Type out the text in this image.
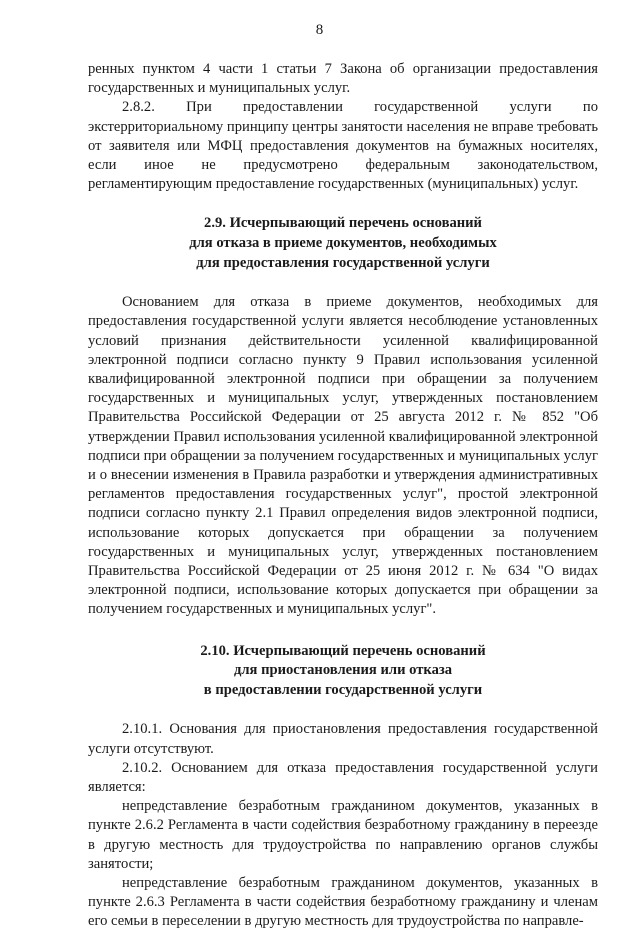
8

ренных пунктом 4 части 1 статьи 7 Закона об организации предоставления государственных и муниципальных услуг.

2.8.2. При предоставлении государственной услуги по экстерриториальному принципу центры занятости населения не вправе требовать от заявителя или МФЦ предоставления документов на бумажных носителях, если иное не предусмотрено федеральным законодательством, регламентирующим предоставление государственных (муниципальных) услуг.

2.9. Исчерпывающий перечень оснований
для отказа в приеме документов, необходимых
для предоставления государственной услуги

Основанием для отказа в приеме документов, необходимых для предоставления государственной услуги является несоблюдение установленных условий признания действительности усиленной квалифицированной электронной подписи согласно пункту 9 Правил использования усиленной квалифицированной электронной подписи при обращении за получением государственных и муниципальных услуг, утвержденных постановлением Правительства Российской Федерации от 25 августа 2012 г. № 852 "Об утверждении Правил использования усиленной квалифицированной электронной подписи при обращении за получением государственных и муниципальных услуг и о внесении изменения в Правила разработки и утверждения административных регламентов предоставления государственных услуг", простой электронной подписи согласно пункту 2.1 Правил определения видов электронной подписи, использование которых допускается при обращении за получением государственных и муниципальных услуг, утвержденных постановлением Правительства Российской Федерации от 25 июня 2012 г. № 634 "О видах электронной подписи, использование которых допускается при обращении за получением государственных и муниципальных услуг".

2.10. Исчерпывающий перечень оснований
для приостановления или отказа
в предоставлении государственной услуги

2.10.1. Основания для приостановления предоставления государственной услуги отсутствуют.

2.10.2. Основанием для отказа предоставления государственной услуги является:

непредставление безработным гражданином документов, указанных в пункте 2.6.2 Регламента в части содействия безработному гражданину в переезде в другую местность для трудоустройства по направлению органов службы занятости;

непредставление безработным гражданином документов, указанных в пункте 2.6.3 Регламента в части содействия безработному гражданину и членам его семьи в переселении в другую местность для трудоустройства по направле-
